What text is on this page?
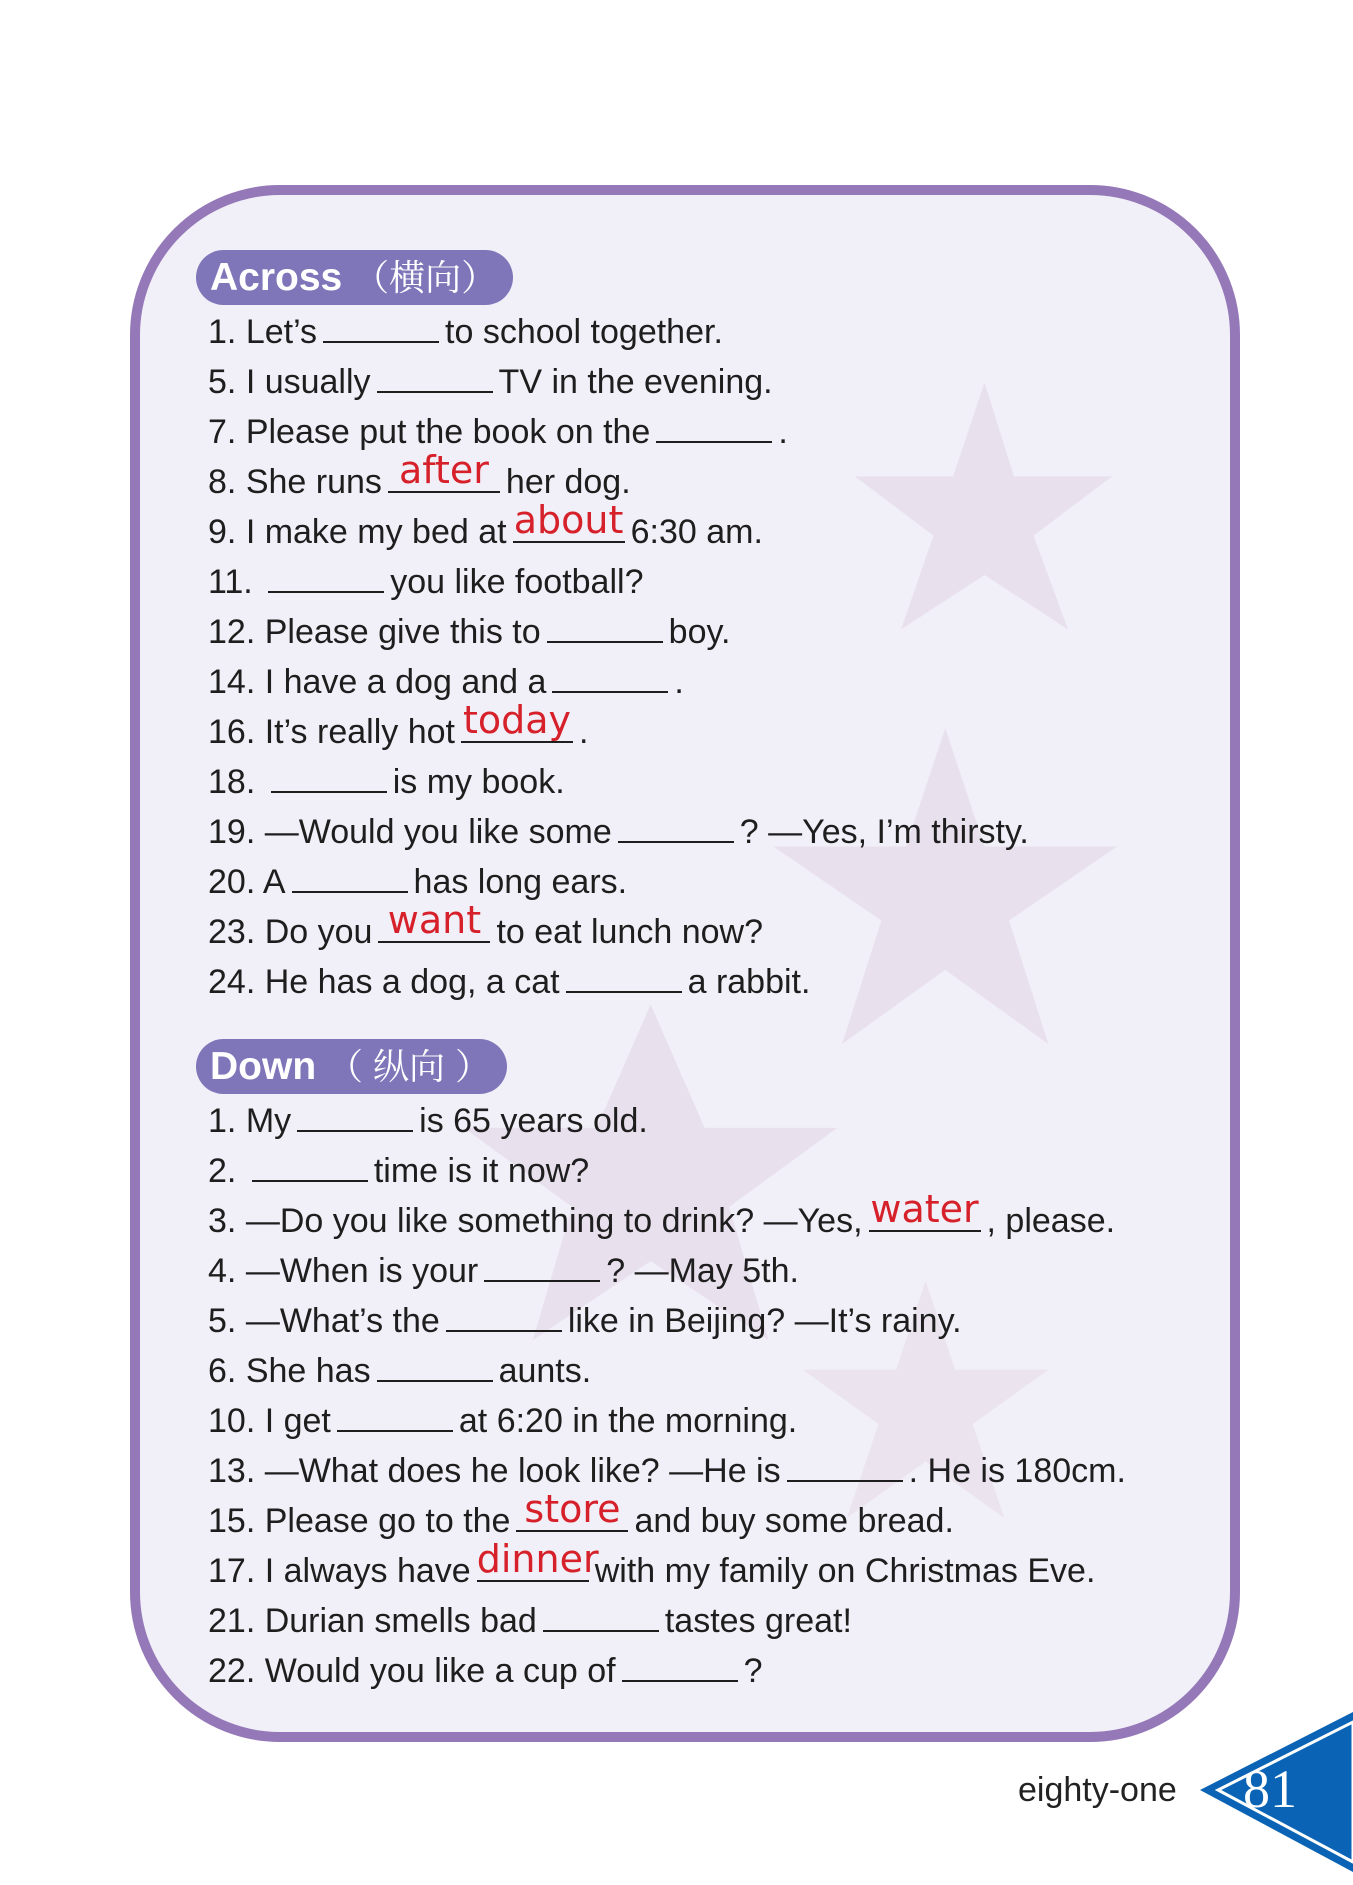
Across （横向）
1. Let’s	to school together.
5. I usually	TV in the evening.
7. Please put the book on the	.
8. She runs after her dog.
9. I make my bed at about 6:30 am.
11.	you like football?
12. Please give this to	boy.
14. I have a dog and a	.
16. It’s really hot today .
18.	is my book.
19. —Would you like some	? —Yes, I’m thirsty.
20. A	has long ears.
23. Do you want to eat lunch now?
24. He has a dog, a cat	a rabbit.
Down （ 纵向 ）
1. My	is 65 years old.
2.	time is it now?
3. —Do you like something to drink? —Yes, water , please.
4. —When is your	? —May 5th.
5. —What’s the	like in Beijing? —It’s rainy.
6. She has	aunts.
10. I get	at 6:20 in the morning.
13. —What does he look like? —He is	. He is 180cm.
15. Please go to the store and buy some bread.
17. I always have dinner
with my family on Christmas Eve.
21. Durian smells bad	tastes great!
22. Would you like a cup of	?
eighty-one 81
